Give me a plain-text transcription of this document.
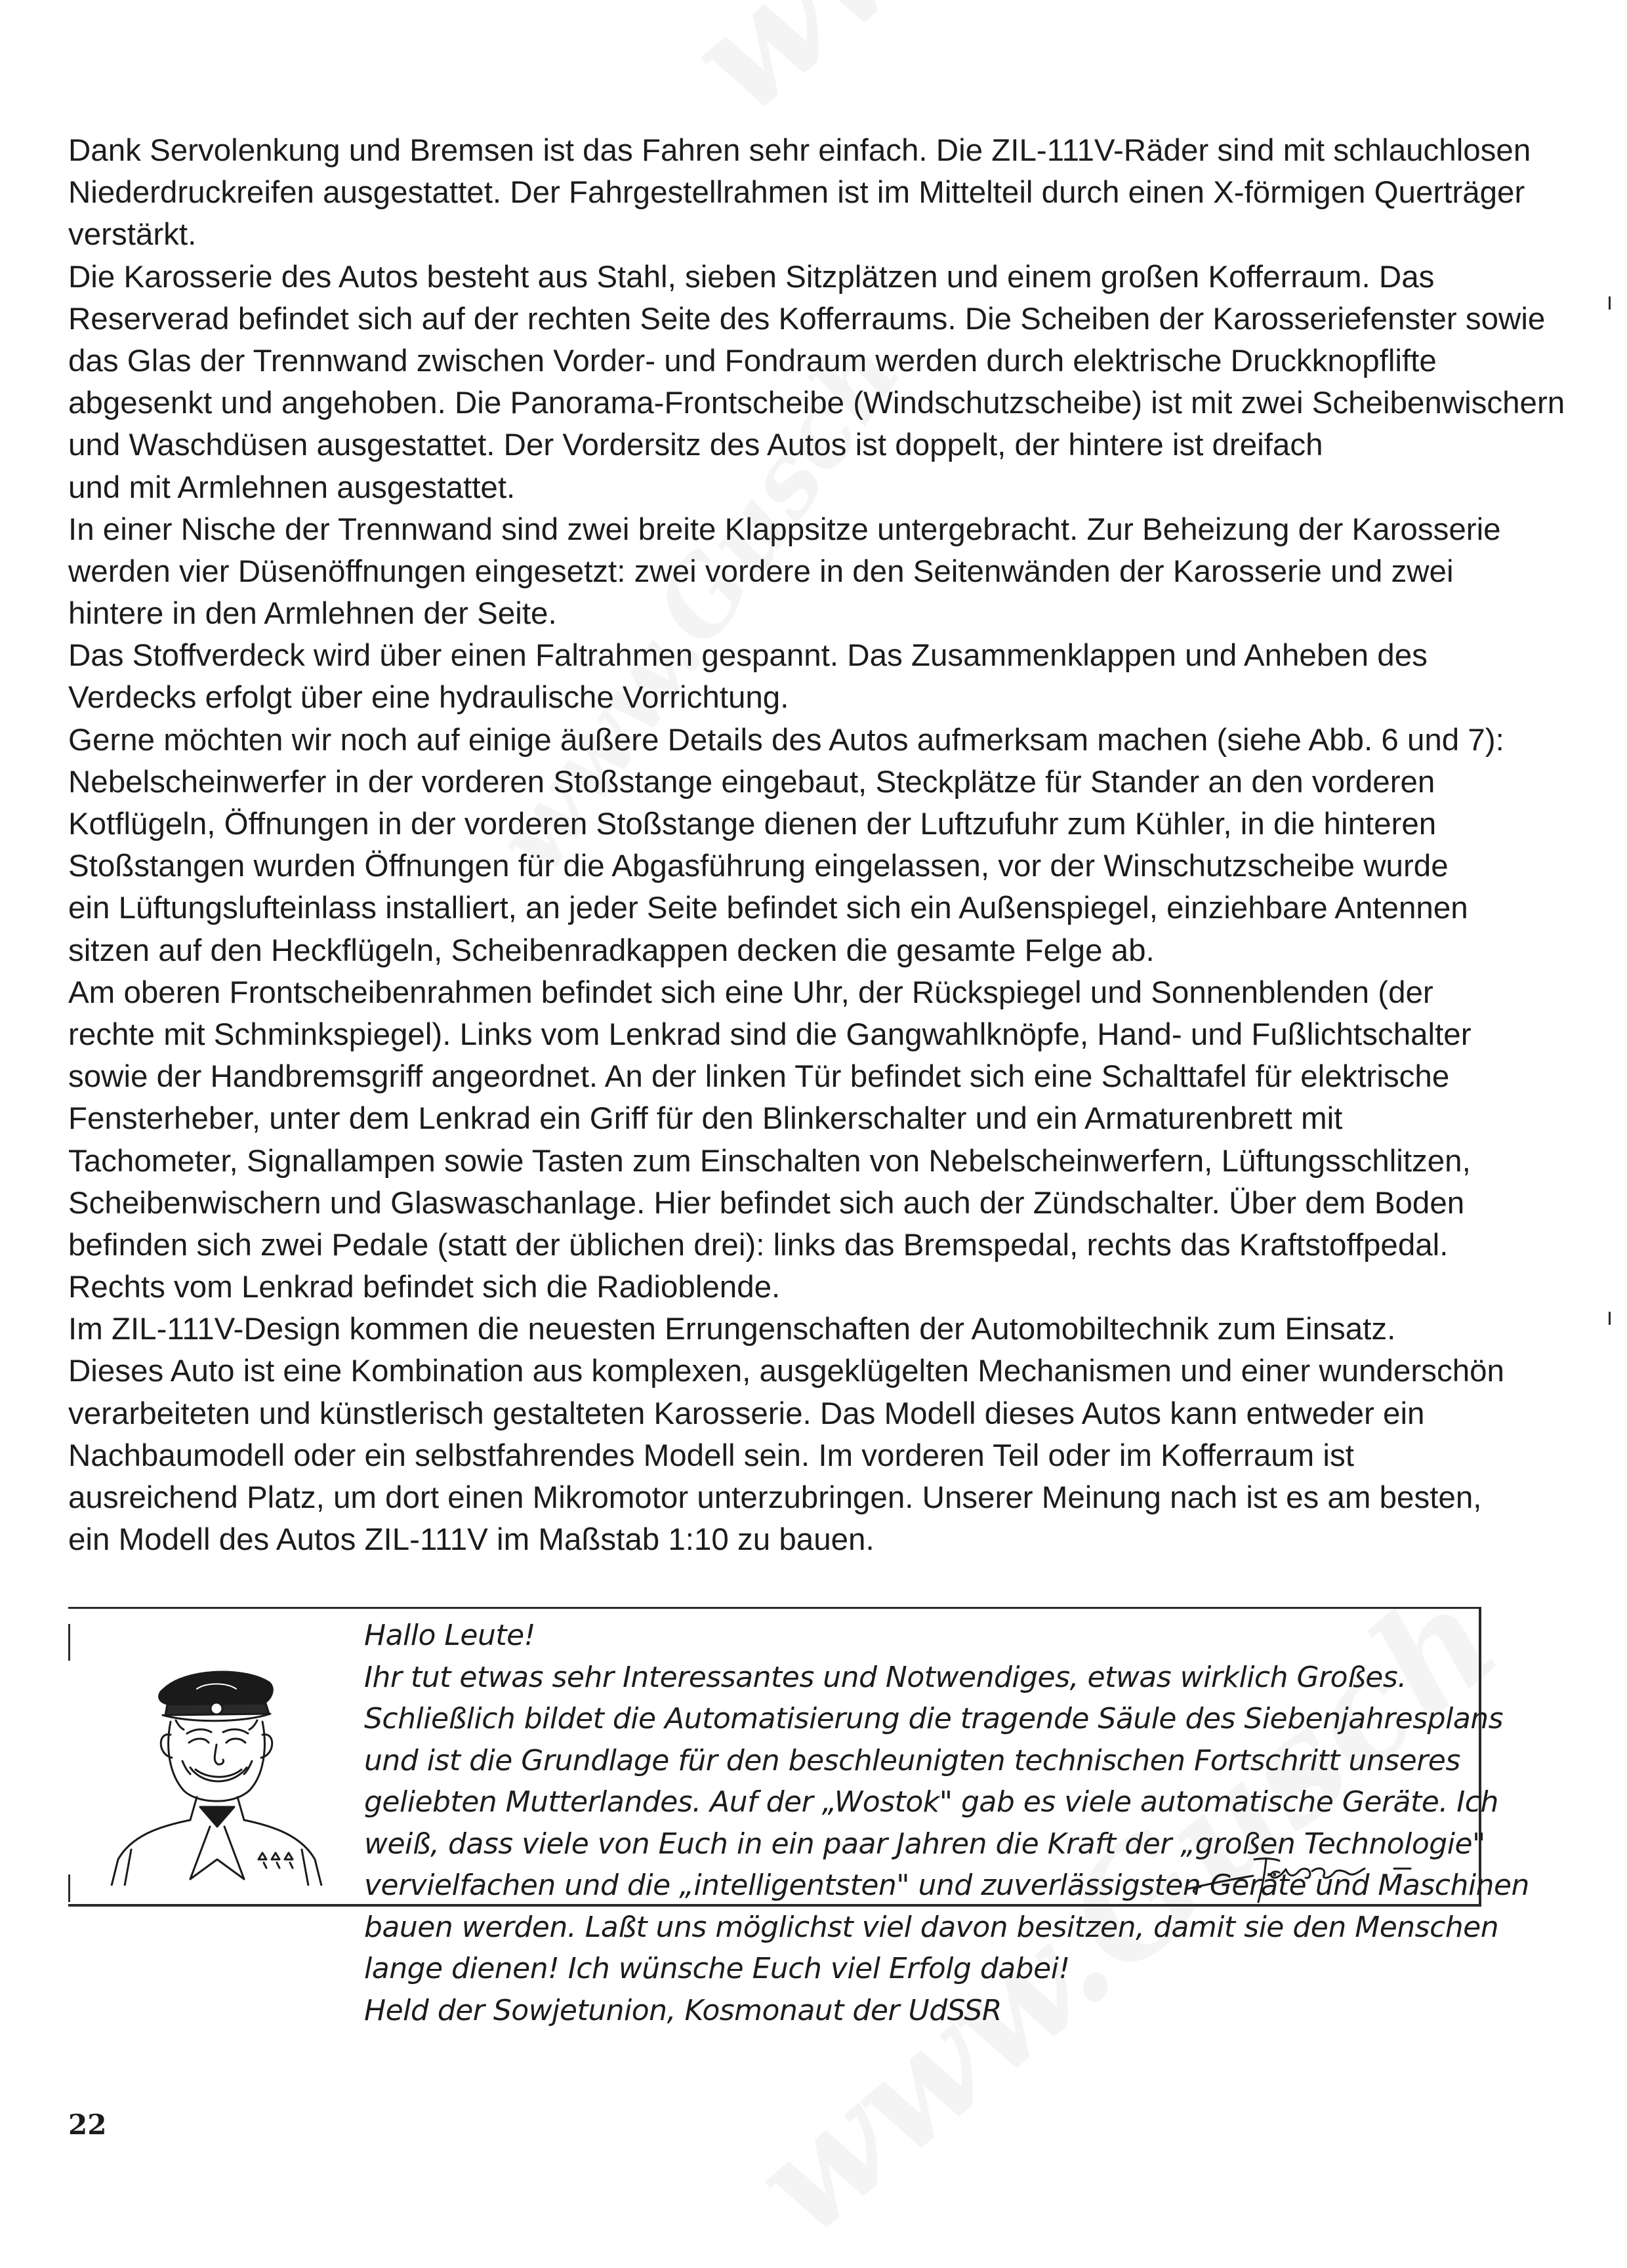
Dank Servolenkung und Bremsen ist das Fahren sehr einfach. Die ZIL-111V-Räder sind mit schlauchlosen
Niederdruckreifen ausgestattet. Der Fahrgestellrahmen ist im Mittelteil durch einen X-förmigen Querträger
verstärkt.
Die Karosserie des Autos besteht aus Stahl, sieben Sitzplätzen und einem großen Kofferraum. Das
Reserverad befindet sich auf der rechten Seite des Kofferraums. Die Scheiben der Karosseriefenster sowie
das Glas der Trennwand zwischen Vorder- und Fondraum werden durch elektrische Druckknopflifte
abgesenkt und angehoben. Die Panorama-Frontscheibe (Windschutzscheibe) ist mit zwei Scheibenwischern
und Waschdüsen ausgestattet. Der Vordersitz des Autos ist doppelt, der hintere ist dreifach
und mit Armlehnen ausgestattet.
In einer Nische der Trennwand sind zwei breite Klappsitze untergebracht. Zur Beheizung der Karosserie
werden vier Düsenöffnungen eingesetzt: zwei vordere in den Seitenwänden der Karosserie und zwei
hintere in den Armlehnen der Seite.
Das Stoffverdeck wird über einen Faltrahmen gespannt. Das Zusammenklappen und Anheben des
Verdecks erfolgt über eine hydraulische Vorrichtung.
Gerne möchten wir noch auf einige äußere Details des Autos aufmerksam machen (siehe Abb. 6 und 7):
Nebelscheinwerfer in der vorderen Stoßstange eingebaut, Steckplätze für Stander an den vorderen
Kotflügeln, Öffnungen in der vorderen Stoßstange dienen der Luftzufuhr zum Kühler, in die hinteren
Stoßstangen wurden Öffnungen für die Abgasführung eingelassen, vor der Winschutzscheibe wurde
ein Lüftungslufteinlass installiert, an jeder Seite befindet sich ein Außenspiegel, einziehbare Antennen
sitzen auf den Heckflügeln, Scheibenradkappen decken die gesamte Felge ab.
Am oberen Frontscheibenrahmen befindet sich eine Uhr, der Rückspiegel und Sonnenblenden (der
rechte mit Schminkspiegel). Links vom Lenkrad sind die Gangwahlknöpfe, Hand- und Fußlichtschalter
sowie der Handbremsgriff angeordnet. An der linken Tür befindet sich eine Schalttafel für elektrische
Fensterheber, unter dem Lenkrad ein Griff für den Blinkerschalter und ein Armaturenbrett mit
Tachometer, Signallampen sowie Tasten zum Einschalten von Nebelscheinwerfern, Lüftungsschlitzen,
Scheibenwischern und Glaswaschanlage. Hier befindet sich auch der Zündschalter. Über dem Boden
befinden sich zwei Pedale (statt der üblichen drei): links das Bremspedal, rechts das Kraftstoffpedal.
Rechts vom Lenkrad befindet sich die Radioblende.
Im ZIL-111V-Design kommen die neuesten Errungenschaften der Automobiltechnik zum Einsatz.
Dieses Auto ist eine Kombination aus komplexen, ausgeklügelten Mechanismen und einer wunderschön
verarbeiteten und künstlerisch gestalteten Karosserie. Das Modell dieses Autos kann entweder ein
Nachbaumodell oder ein selbstfahrendes Modell sein. Im vorderen Teil oder im Kofferraum ist
ausreichend Platz, um dort einen Mikromotor unterzubringen. Unserer Meinung nach ist es am besten,
ein Modell des Autos ZIL-111V im Maßstab 1:10 zu bauen.
Hallo Leute!
Ihr tut etwas sehr Interessantes und Notwendiges, etwas wirklich Großes.
Schließlich bildet die Automatisierung die tragende Säule des Siebenjahresplans
und ist die Grundlage für den beschleunigten technischen Fortschritt unseres
geliebten Mutterlandes. Auf der „Wostok" gab es viele automatische Geräte. Ich
weiß, dass viele von Euch in ein paar Jahren die Kraft der „großen Technologie"
vervielfachen und die „intelligentsten" und zuverlässigsten Geräte und Maschinen
bauen werden. Laßt uns möglichst viel davon besitzen, damit sie den Menschen
lange dienen! Ich wünsche Euch viel Erfolg dabei!
Held der Sowjetunion, Kosmonaut der UdSSR
22
